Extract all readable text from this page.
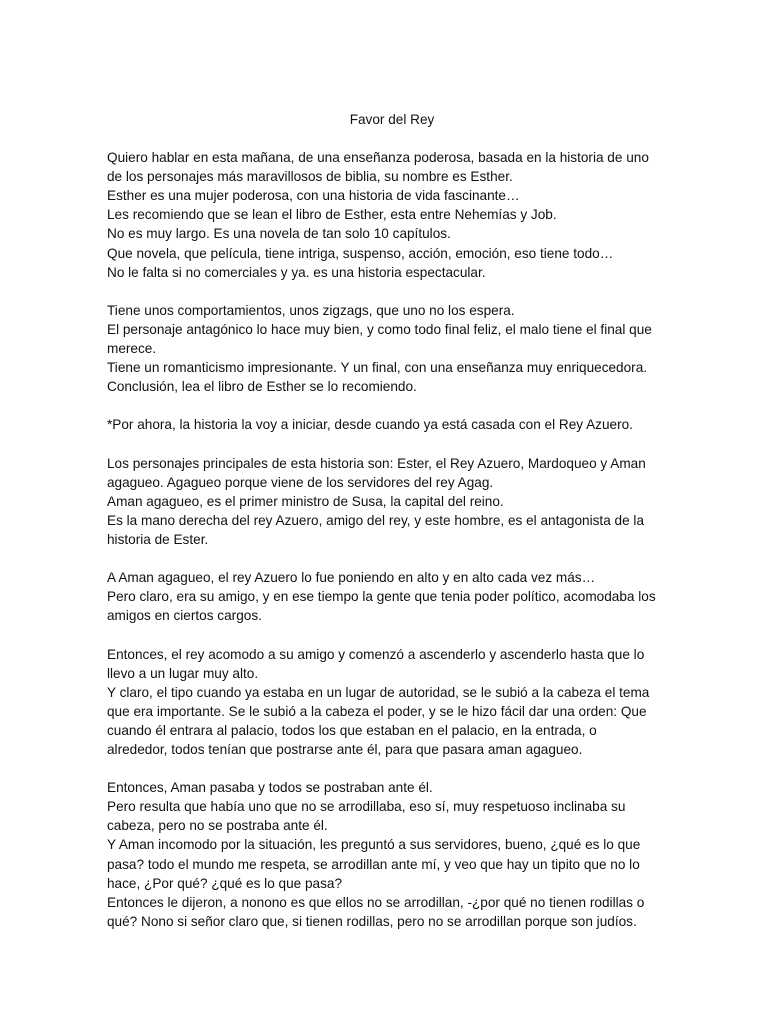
Favor del Rey

Quiero hablar en esta mañana, de una enseñanza poderosa, basada en la historia de uno

de los personajes más maravillosos de biblia, su nombre es Esther.

Esther es una mujer poderosa, con una historia de vida fascinante…

Les recomiendo que se lean el libro de Esther, esta entre Nehemías y Job.

No es muy largo. Es una novela de tan solo 10 capítulos.

Que novela, que película, tiene intriga, suspenso, acción, emoción, eso tiene todo…

No le falta si no comerciales y ya. es una historia espectacular.

Tiene unos comportamientos, unos zigzags, que uno no los espera.

El personaje antagónico lo hace muy bien, y como todo final feliz, el malo tiene el final que

merece.

Tiene un romanticismo impresionante. Y un final, con una enseñanza muy enriquecedora.

Conclusión, lea el libro de Esther se lo recomiendo.

*Por ahora, la historia la voy a iniciar, desde cuando ya está casada con el Rey Azuero.

Los personajes principales de esta historia son: Ester, el Rey Azuero, Mardoqueo y Aman

agagueo. Agagueo porque viene de los servidores del rey Agag.

Aman agagueo, es el primer ministro de Susa, la capital del reino.

Es la mano derecha del rey Azuero, amigo del rey, y este hombre, es el antagonista de la

historia de Ester.

A Aman agagueo, el rey Azuero lo fue poniendo en alto y en alto cada vez más…

Pero claro, era su amigo, y en ese tiempo la gente que tenia poder político, acomodaba los

amigos en ciertos cargos.

Entonces, el rey acomodo a su amigo y comenzó a ascenderlo y ascenderlo hasta que lo

llevo a un lugar muy alto.

Y claro, el tipo cuando ya estaba en un lugar de autoridad, se le subió a la cabeza el tema

que era importante. Se le subió a la cabeza el poder, y se le hizo fácil dar una orden: Que

cuando él entrara al palacio, todos los que estaban en el palacio, en la entrada, o

alrededor, todos tenían que postrarse ante él, para que pasara aman agagueo.

Entonces, Aman pasaba y todos se postraban ante él.

Pero resulta que había uno que no se arrodillaba, eso sí, muy respetuoso inclinaba su

cabeza, pero no se postraba ante él.

Y Aman incomodo por la situación, les preguntó a sus servidores, bueno, ¿qué es lo que

pasa? todo el mundo me respeta, se arrodillan ante mí, y veo que hay un tipito que no lo

hace, ¿Por qué? ¿qué es lo que pasa?

Entonces le dijeron, a nonono es que ellos no se arrodillan, -¿por qué no tienen rodillas o

qué? Nono si señor claro que, si tienen rodillas, pero no se arrodillan porque son judíos.
